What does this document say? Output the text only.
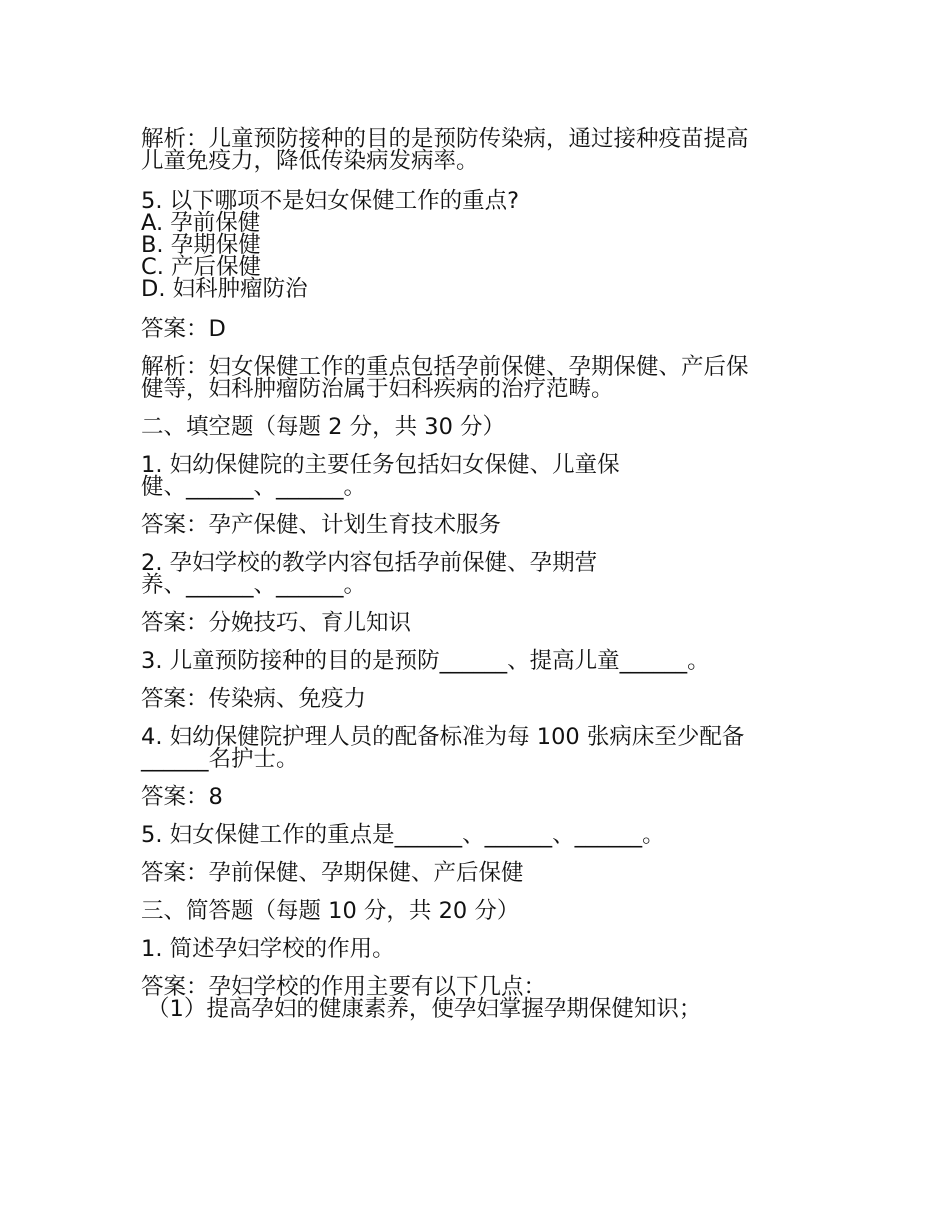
解析：儿童预防接种的目的是预防传染病，通过接种疫苗提高
儿童免疫力，降低传染病发病率。
5. 以下哪项不是妇女保健工作的重点?
A. 孕前保健
B. 孕期保健
C. 产后保健
D. 妇科肿瘤防治
答案：D
解析：妇女保健工作的重点包括孕前保健、孕期保健、产后保
健等，妇科肿瘤防治属于妇科疾病的治疗范畴。
二、填空题（每题 2 分，共 30 分）
1. 妇幼保健院的主要任务包括妇女保健、儿童保
健、______、______。
答案：孕产保健、计划生育技术服务
2. 孕妇学校的教学内容包括孕前保健、孕期营
养、______、______。
答案：分娩技巧、育儿知识
3. 儿童预防接种的目的是预防______、提高儿童______。
答案：传染病、免疫力
4. 妇幼保健院护理人员的配备标准为每 100 张病床至少配备
______名护士。
答案：8
5. 妇女保健工作的重点是______、______、______。
答案：孕前保健、孕期保健、产后保健
三、简答题（每题 10 分，共 20 分）
1. 简述孕妇学校的作用。
答案：孕妇学校的作用主要有以下几点：
（1）提高孕妇的健康素养，使孕妇掌握孕期保健知识；
